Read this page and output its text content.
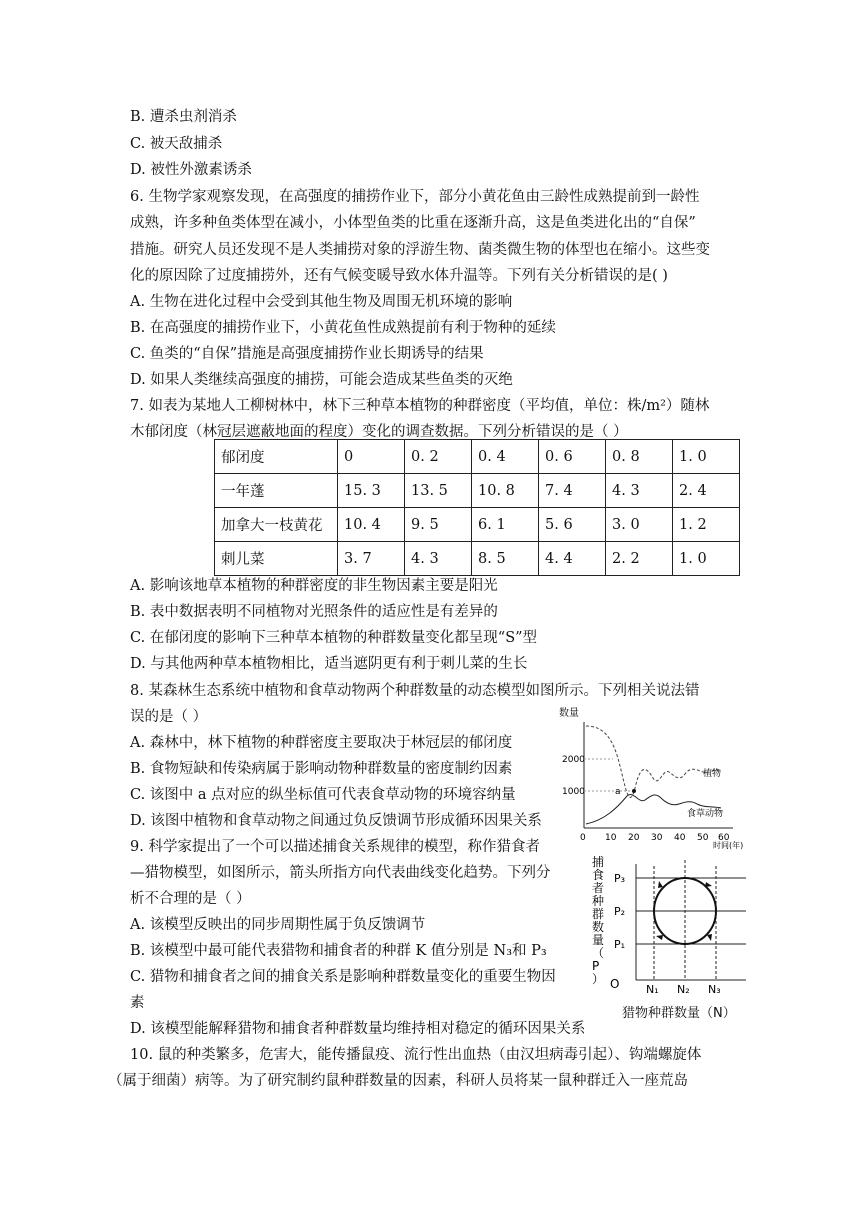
B. 遭杀虫剂消杀
C. 被天敌捕杀
D. 被性外激素诱杀
6. 生物学家观察发现，在高强度的捕捞作业下，部分小黄花鱼由三龄性成熟提前到一龄性
成熟，许多种鱼类体型在减小，小体型鱼类的比重在逐渐升高，这是鱼类进化出的“自保”
措施。研究人员还发现不是人类捕捞对象的浮游生物、菌类微生物的体型也在缩小。这些变
化的原因除了过度捕捞外，还有气候变暖导致水体升温等。下列有关分析错误的是( )
A. 生物在进化过程中会受到其他生物及周围无机环境的影响
B. 在高强度的捕捞作业下，小黄花鱼性成熟提前有利于物种的延续
C. 鱼类的“自保”措施是高强度捕捞作业长期诱导的结果
D. 如果人类继续高强度的捕捞，可能会造成某些鱼类的灭绝
7. 如表为某地人工柳树林中，林下三种草本植物的种群密度（平均值，单位：株/m²）随林
木郁闭度（林冠层遮蔽地面的程度）变化的调查数据。下列分析错误的是（ ）
A. 影响该地草本植物的种群密度的非生物因素主要是阳光
B. 表中数据表明不同植物对光照条件的适应性是有差异的
C. 在郁闭度的影响下三种草本植物的种群数量变化都呈现“S”型
D. 与其他两种草本植物相比，适当遮阴更有利于刺儿菜的生长
8. 某森林生态系统中植物和食草动物两个种群数量的动态模型如图所示。下列相关说法错
误的是（ ）
A. 森林中，林下植物的种群密度主要取决于林冠层的郁闭度
B. 食物短缺和传染病属于影响动物种群数量的密度制约因素
C. 该图中 a 点对应的纵坐标值可代表食草动物的环境容纳量
D. 该图中植物和食草动物之间通过负反馈调节形成循环因果关系
9. 科学家提出了一个可以描述捕食关系规律的模型，称作猎食者
—猎物模型，如图所示，箭头所指方向代表曲线变化趋势。下列分
析不合理的是（ ）
A. 该模型反映出的同步周期性属于负反馈调节
B. 该模型中最可能代表猎物和捕食者的种群 K 值分别是 N₃和 P₃
C. 猎物和捕食者之间的捕食关系是影响种群数量变化的重要生物因
素
D. 该模型能解释猎物和捕食者种群数量均维持相对稳定的循环因果关系
10. 鼠的种类繁多，危害大，能传播鼠疫、流行性出血热（由汉坦病毒引起）、钩端螺旋体
（属于细菌）病等。为了研究制约鼠种群数量的因素，科研人员将某一鼠种群迁入一座荒岛
郁闭度	0	0. 2	0. 4	0. 6	0. 8	1. 0
一年蓬	15. 3	13. 5	10. 8	7. 4	4. 3	2. 4
加拿大一枝黄花	10. 4	9. 5	6. 1	5. 6	3. 0	1. 2
刺儿菜	3. 7	4. 3	8. 5	4. 4	2. 2	1. 0
数量
2000
1000
0 10 20 30 40 50 60
时间(年)
a
植物
食草动物
捕食者种群数量（ P ） O
P₃
P₂
P₁
N₁ N₂ N₃
猎物种群数量（N）
